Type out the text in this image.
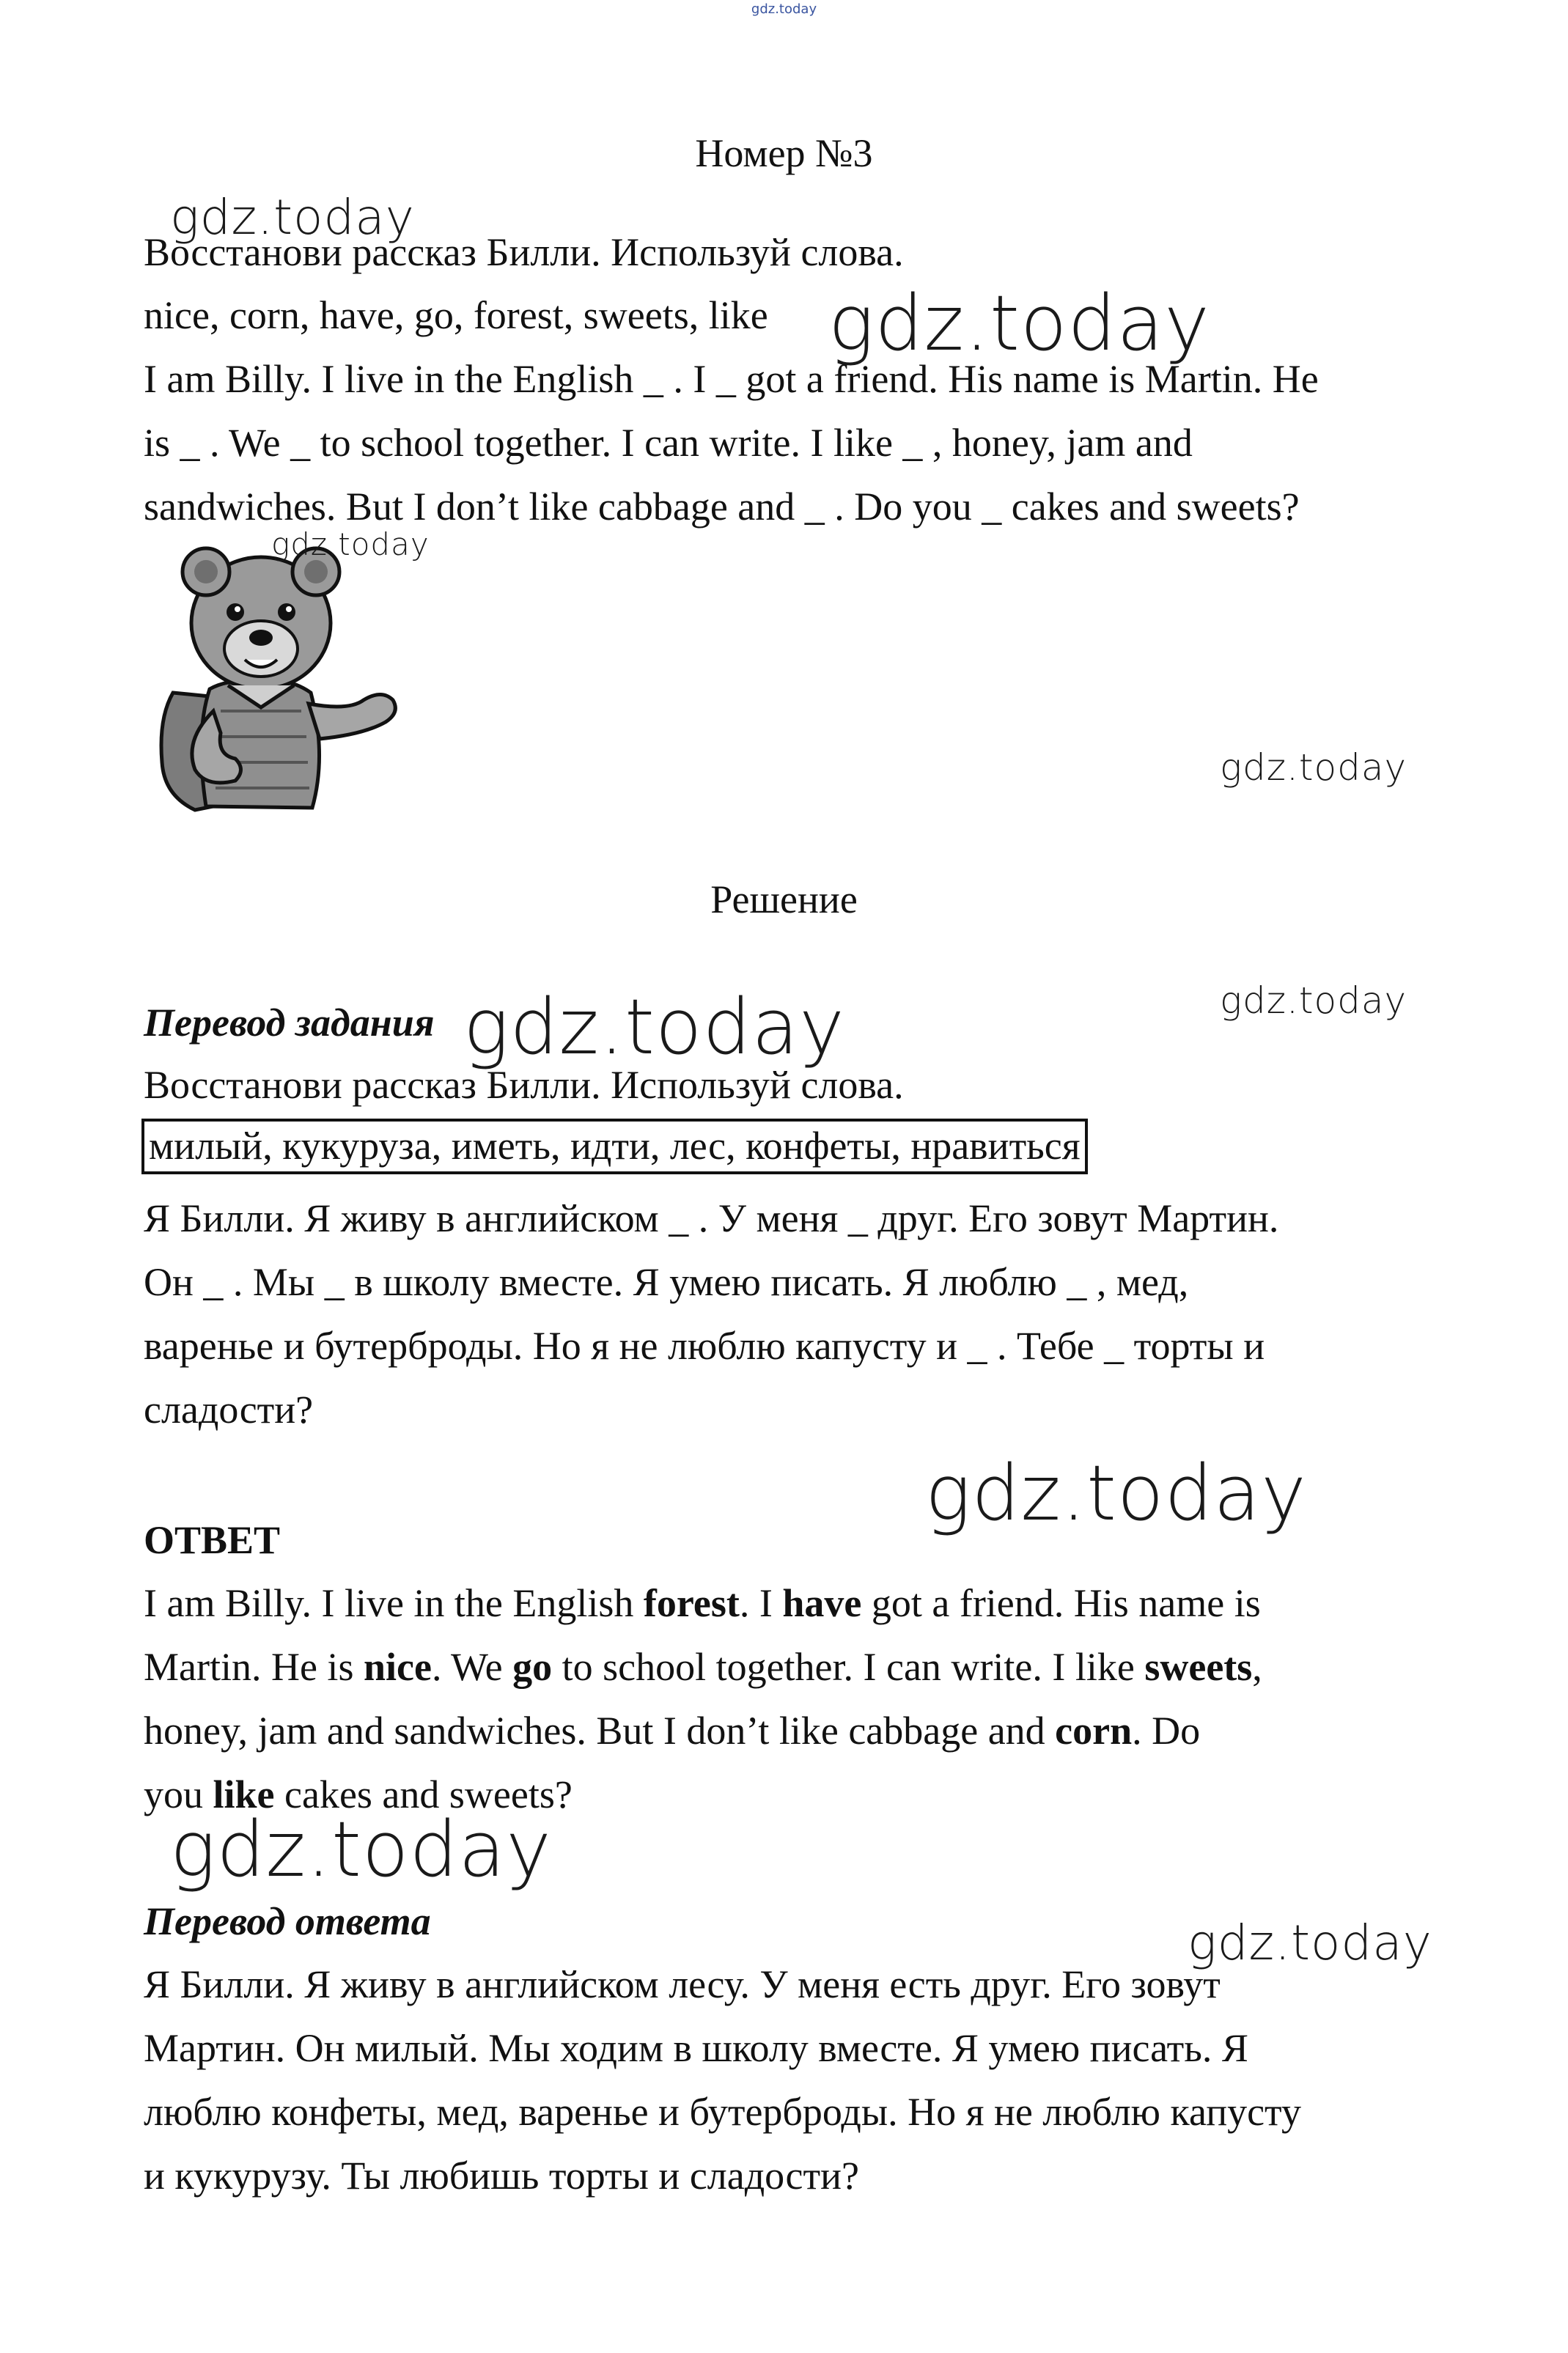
gdz.today
Номер №3
Восстанови рассказ Билли. Используй слова.
nice, corn, have, go, forest, sweets, like
I am Billy. I live in the English _ . I _ got a friend. His name is Martin. He
is _ . We _ to school together. I can write. I like _ , honey, jam and
sandwiches. But I don’t like cabbage and _ . Do you _ cakes and sweets?
Решение
Перевод задания
Восстанови рассказ Билли. Используй слова.
милый, кукуруза, иметь, идти, лес, конфеты, нравиться
Я Билли. Я живу в английском _ . У меня _ друг. Его зовут Мартин.
Он _ . Мы _ в школу вместе. Я умею писать. Я люблю _ , мед,
варенье и бутерброды. Но я не люблю капусту и _ . Тебе _ торты и
сладости?
ОТВЕТ
I am Billy. I live in the English forest. I have got a friend. His name is
Martin. He is nice. We go to school together. I can write. I like sweets,
honey, jam and sandwiches. But I don’t like cabbage and corn. Do
you like cakes and sweets?
Перевод ответа
Я Билли. Я живу в английском лесу. У меня есть друг. Его зовут
Мартин. Он милый. Мы ходим в школу вместе. Я умею писать. Я
люблю конфеты, мед, варенье и бутерброды. Но я не люблю капусту
и кукурузу. Ты любишь торты и сладости?
gdz.today
gdz.today
gdz.today
gdz.today
gdz.today	gdz.today
gdz.today
gdz.today
gdz.today
